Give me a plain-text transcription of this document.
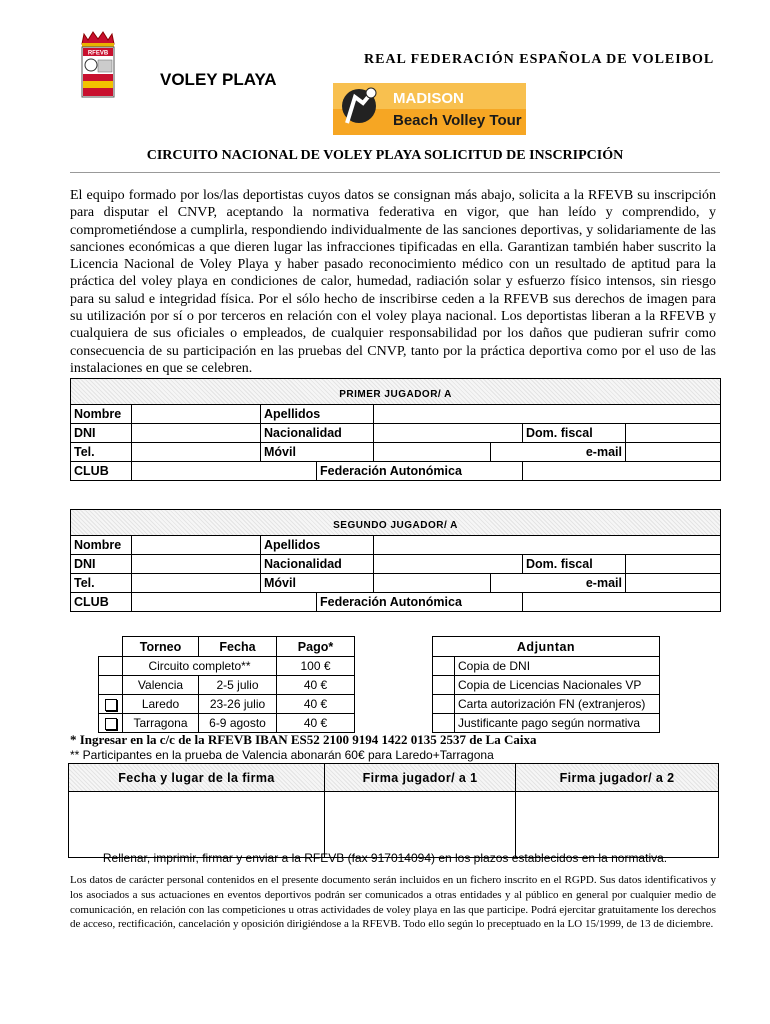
RFEVB	REAL FEDERACIÓN ESPAÑOLA DE VOLEIBOL
VOLEY PLAYA
MADISON
Beach Volley Tour
CIRCUITO NACIONAL DE VOLEY PLAYA SOLICITUD DE INSCRIPCIÓN
El equipo formado por los/las deportistas cuyos datos se consignan más abajo, solicita a la RFEVB su inscripción para disputar el CNVP, aceptando la normativa federativa en vigor, que han leído y comprendido, y comprometiéndose a cumplirla, respondiendo individualmente de las sanciones deportivas, y solidariamente de las sanciones económicas a que dieren lugar las infracciones tipificadas en ella. Garantizan también haber suscrito la Licencia Nacional de Voley Playa y haber pasado reconocimiento médico con un resultado de aptitud para la práctica del voley playa en condiciones de calor, humedad, radiación solar y esfuerzo físico intensos, sin riesgo para su salud e integridad física. Por el sólo hecho de inscribirse ceden a la RFEVB sus derechos de imagen para su utilización por sí o por terceros en relación con el voley playa nacional. Los deportistas liberan a la RFEVB y cualquiera de sus oficiales o empleados, de cualquier responsabilidad por los daños que pudieran sufrir como consecuencia de su participación en las pruebas del CNVP, tanto por la práctica deportiva como por el uso de las instalaciones en que se celebren.
PRIMER JUGADOR/ A							
Nombre		Apellidos					
DNI		Nacionalidad				Dom. fiscal	
Tel.		Móvil			e-mail		
CLUB			Federación Autonómica				
SEGUNDO JUGADOR/ A							
Nombre		Apellidos					
DNI		Nacionalidad				Dom. fiscal	
Tel.		Móvil			e-mail		
CLUB			Federación Autonómica				
	Torneo	Fecha	Pago*
	Circuito completo**		100 €
	Valencia	2-5 julio	40 €
	Laredo	23-26 julio	40 €
	Tarragona	6-9 agosto	40 €
Adjuntan	
	Copia de DNI
	Copia de Licencias Nacionales VP
	Carta autorización FN (extranjeros)
	Justificante pago según normativa
* Ingresar en la c/c de la RFEVB IBAN ES52 2100 9194 1422 0135 2537 de La Caixa
** Participantes en la prueba de Valencia abonarán 60€ para Laredo+Tarragona
Fecha y lugar de la firma	Firma jugador/ a 1	Firma jugador/ a 2

Rellenar, imprimir, firmar y enviar a la RFEVB (fax 917014094) en los plazos establecidos en la normativa.
Los datos de carácter personal contenidos en el presente documento serán incluidos en un fichero inscrito en el RGPD. Sus datos identificativos y los asociados a sus actuaciones en eventos deportivos podrán ser comunicados a otras entidades y al público en general por cualquier medio de comunicación, en relación con las competiciones u otras actividades de voley playa en las que participe. Podrá ejercitar gratuitamente los derechos de acceso, rectificación, cancelación y oposición dirigiéndose a la RFEVB. Todo ello según lo preceptuado en la LO 15/1999, de 13 de diciembre.
